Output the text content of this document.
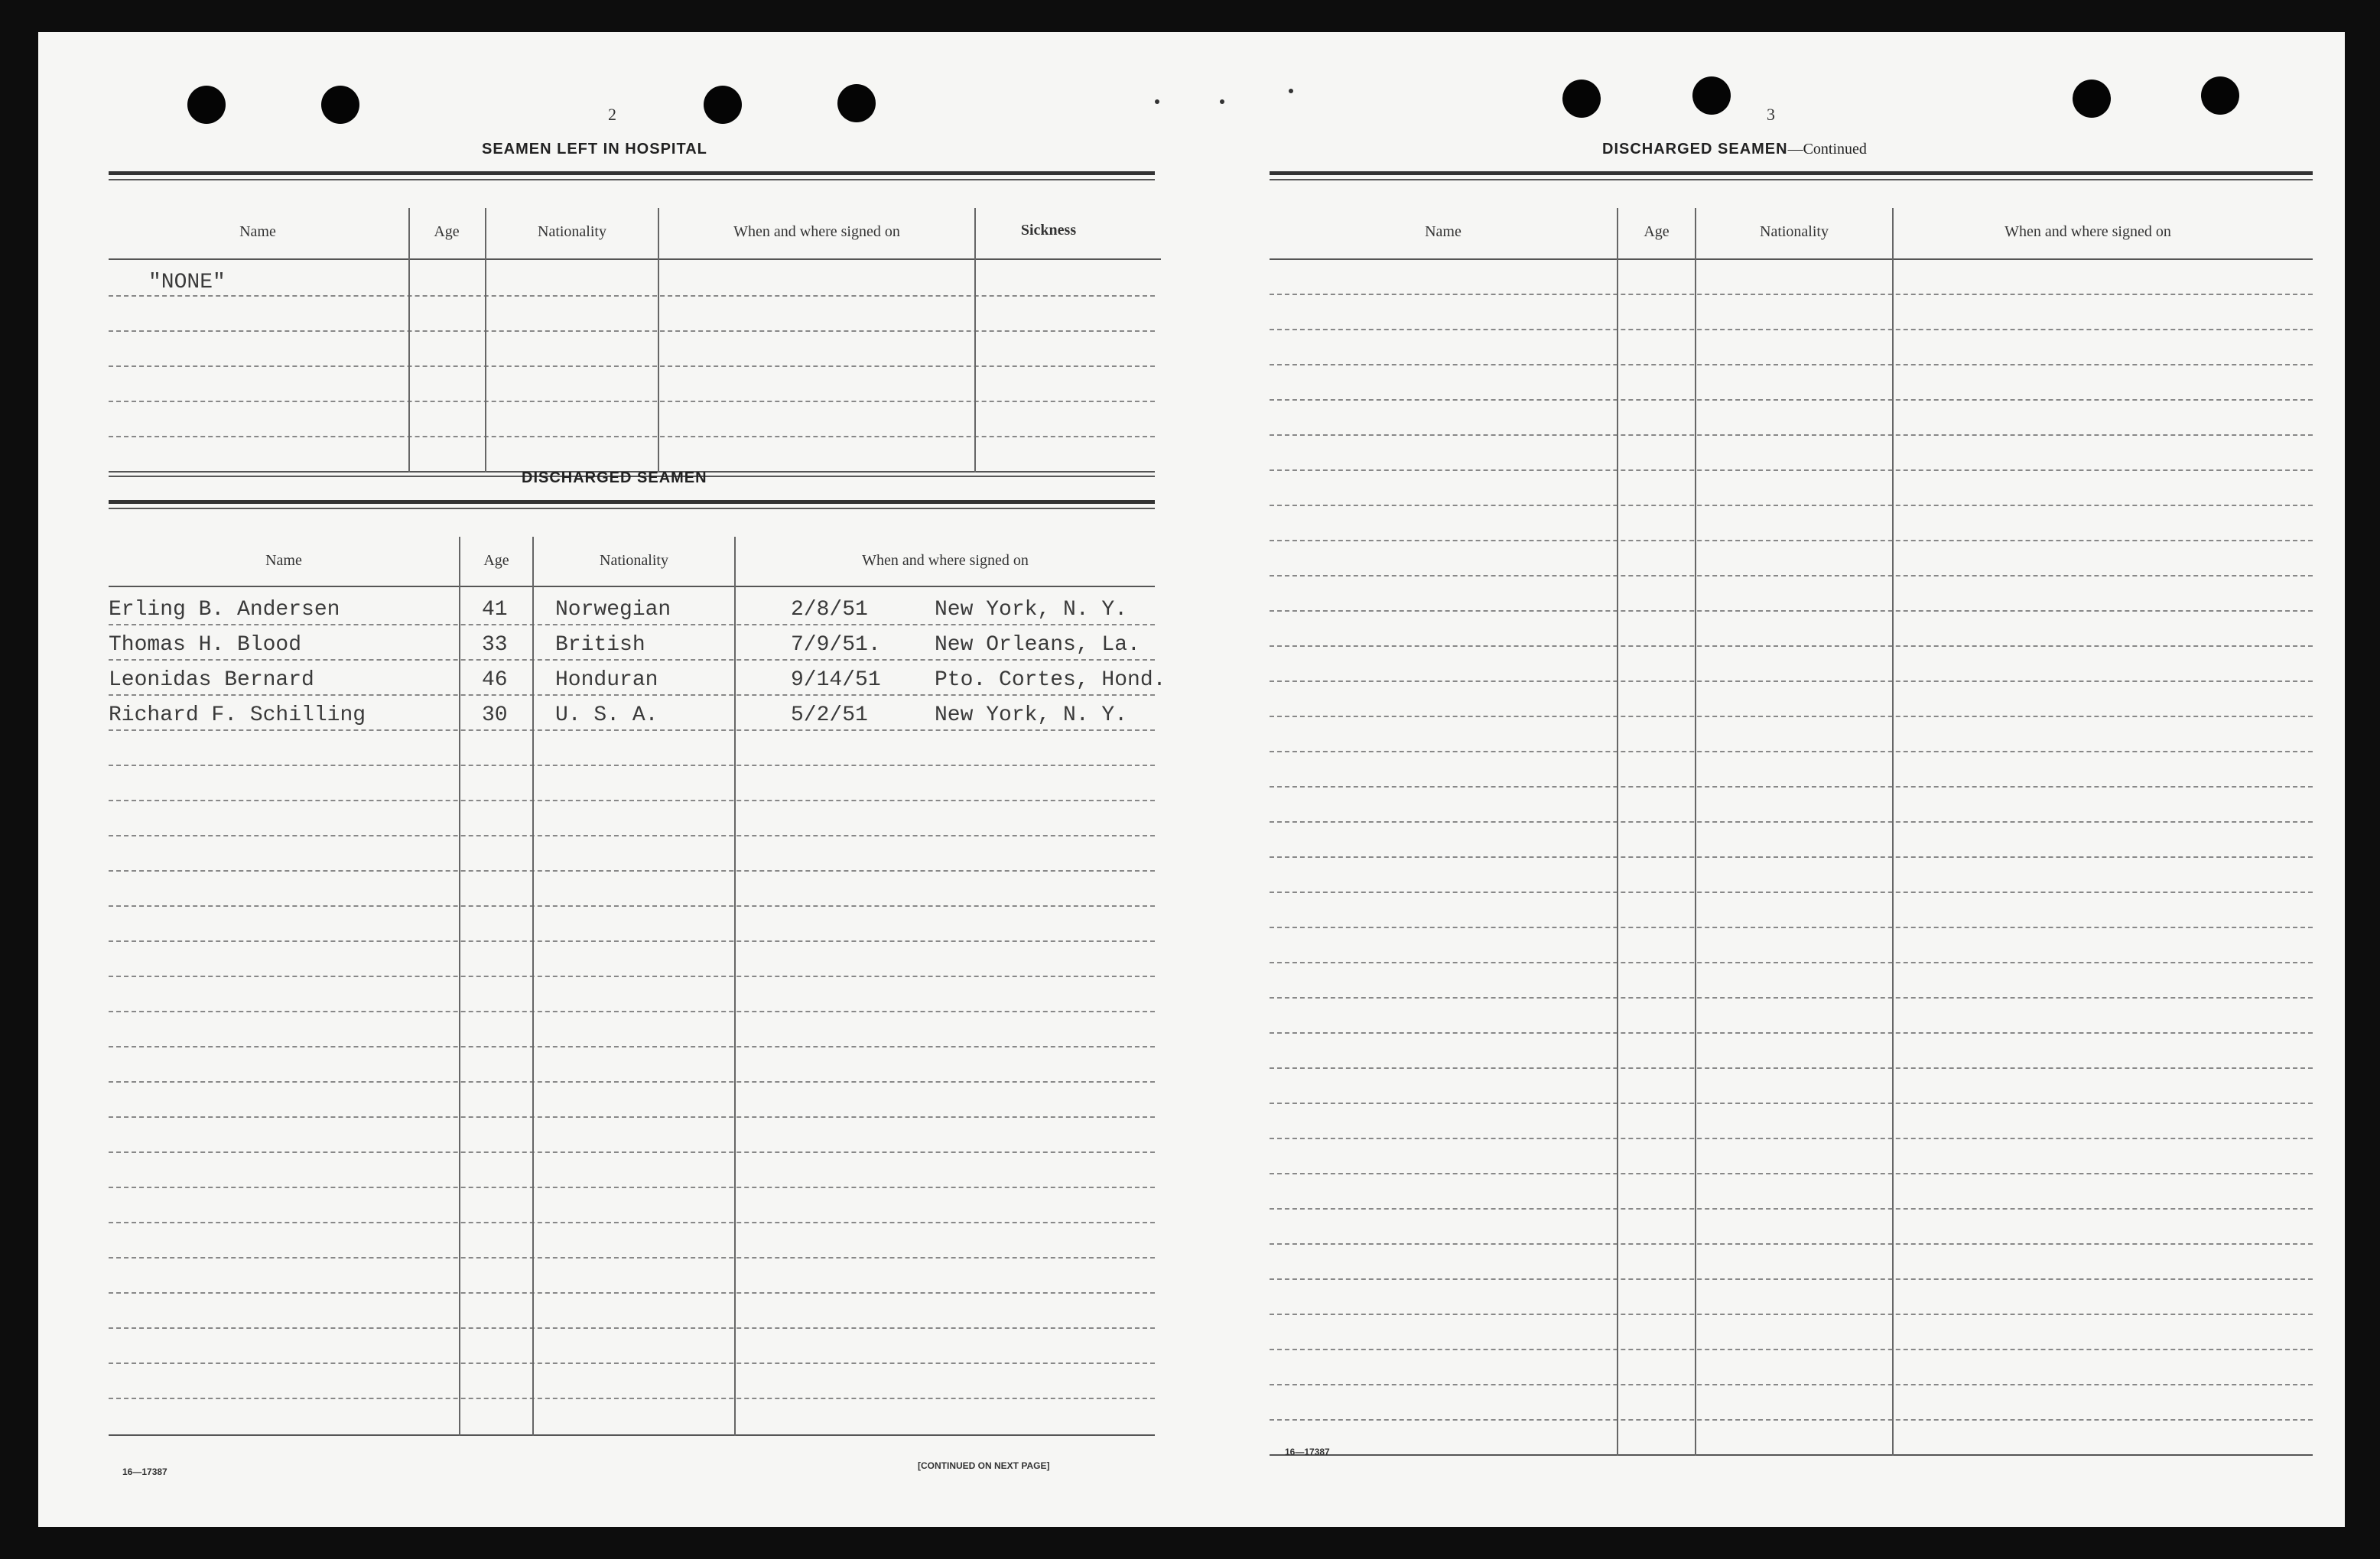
2
SEAMEN LEFT IN HOSPITAL
Name	Age	Nationality	When and where signed on	Sickness
"NONE"
DISCHARGED SEAMEN
Name	Age	Nationality	When and where signed on
Erling B. Andersen	41 Norwegian	2/8/51	New York, N. Y.
Thomas H. Blood	33 British	7/9/51.	New Orleans, La.
Leonidas Bernard	46 Honduran	9/14/51	Pto. Cortes, Hond.
Richard F. Schilling	30 U. S. A.	5/2/51	New York, N. Y.
16—17387
[CONTINUED ON NEXT PAGE]
3
DISCHARGED SEAMEN—Continued
Name	Age	Nationality	When and where signed on
16—17387
